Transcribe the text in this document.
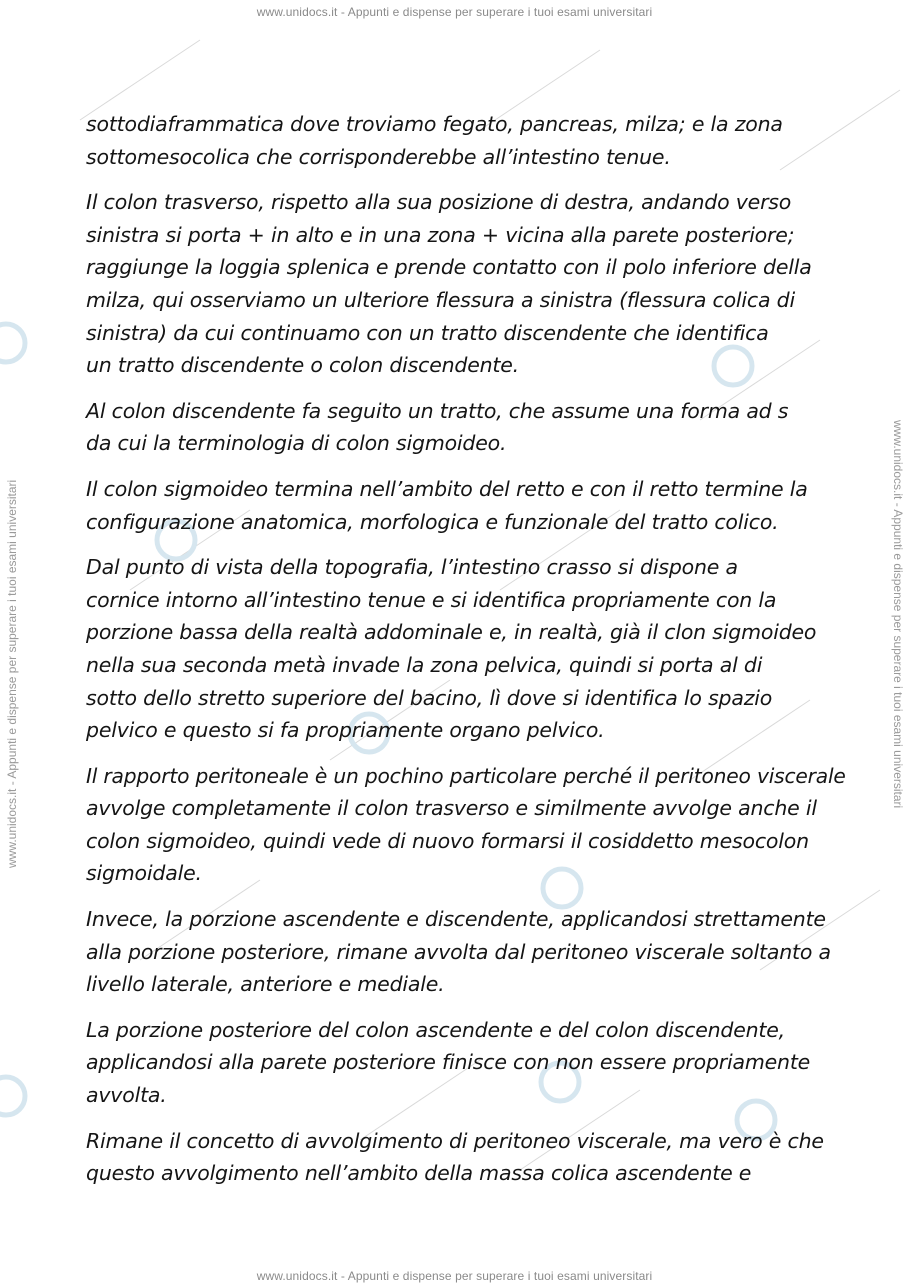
www.unidocs.it - Appunti e dispense per superare i tuoi esami universitari
www.unidocs.it - Appunti e dispense per superare i tuoi esami universitari
www.unidocs.it - Appunti e dispense per superare i tuoi esami universitari	www.unidocs.it - Appunti e dispense per superare i tuoi esami universitari

sottodiaframmatica dove troviamo fegato, pancreas, milza; e la zona
sottomesocolica che corrisponderebbe all’intestino tenue.

Il colon trasverso, rispetto alla sua posizione di destra, andando verso
sinistra si porta + in alto e in una zona + vicina alla parete posteriore;
raggiunge la loggia splenica e prende contatto con il polo inferiore della
milza, qui osserviamo un ulteriore flessura a sinistra (flessura colica di
sinistra) da cui continuamo con un tratto discendente che identifica
un tratto discendente o colon discendente.

Al colon discendente fa seguito un tratto, che assume una forma ad s
da cui la terminologia di colon sigmoideo.

Il colon sigmoideo termina nell’ambito del retto e con il retto termine la
configurazione anatomica, morfologica e funzionale del tratto colico.

Dal punto di vista della topografia, l’intestino crasso si dispone a
cornice intorno all’intestino tenue e si identifica propriamente con la
porzione bassa della realtà addominale e, in realtà, già il clon sigmoideo
nella sua seconda metà invade la zona pelvica, quindi si porta al di
sotto dello stretto superiore del bacino, lì dove si identifica lo spazio
pelvico e questo si fa propriamente organo pelvico.

Il rapporto peritoneale è un pochino particolare perché il peritoneo viscerale
avvolge completamente il colon trasverso e similmente avvolge anche il
colon sigmoideo, quindi vede di nuovo formarsi il cosiddetto mesocolon
sigmoidale.

Invece, la porzione ascendente e discendente, applicandosi strettamente
alla porzione posteriore, rimane avvolta dal peritoneo viscerale soltanto a
livello laterale, anteriore e mediale.

La porzione posteriore del colon ascendente e del colon discendente,
applicandosi alla parete posteriore finisce con non essere propriamente
avvolta.

Rimane il concetto di avvolgimento di peritoneo viscerale, ma vero è che
questo avvolgimento nell’ambito della massa colica ascendente e
